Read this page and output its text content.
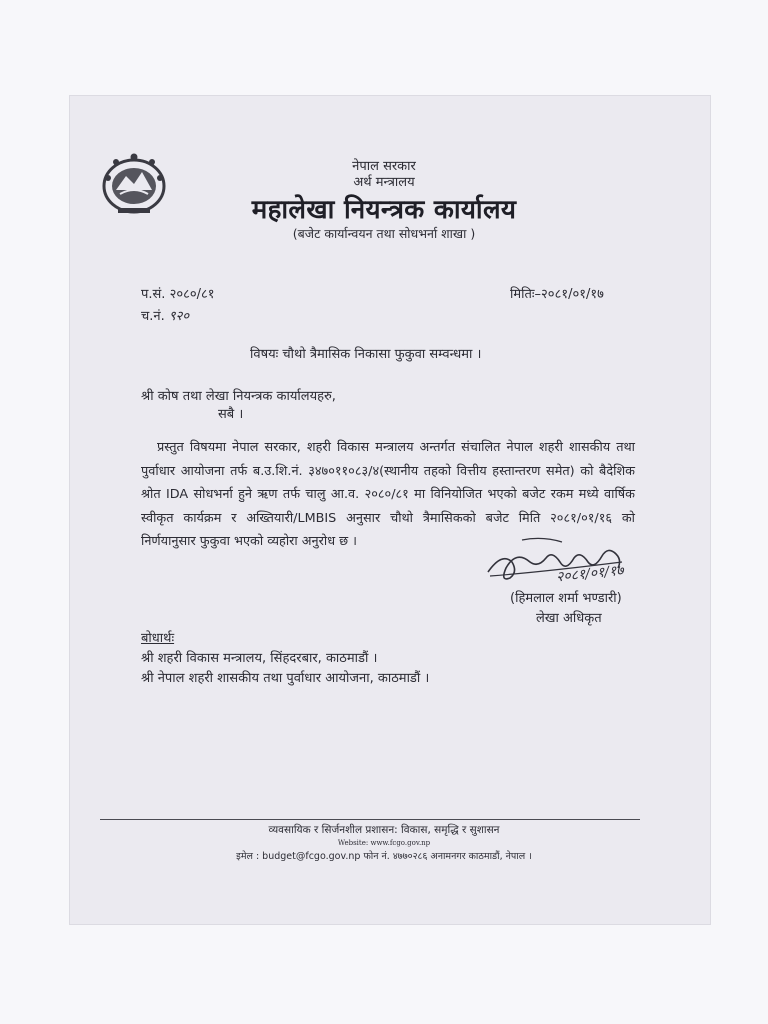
नेपाल सरकार
अर्थ मन्त्रालय
महालेखा नियन्त्रक कार्यालय
(बजेट कार्यान्वयन तथा सोधभर्ना शाखा )
प.सं. २०८०/८१
च.नं. ९२०
मितिः–२०८१/०१/१७
विषयः चौथो त्रैमासिक निकासा फुकुवा सम्वन्धमा ।
श्री कोष तथा लेखा नियन्त्रक कार्यालयहरु,
सबै ।
प्रस्तुत विषयमा नेपाल सरकार, शहरी विकास मन्त्रालय अन्तर्गत संचालित नेपाल शहरी शासकीय तथा पुर्वाधार आयोजना तर्फ ब.उ.शि.नं. ३४७०११०८३/४(स्थानीय तहको वित्तीय हस्तान्तरण समेत) को बैदेशिक श्रोत IDA सोधभर्ना हुने ऋण तर्फ चालु आ.व. २०८०/८१ मा विनियोजित भएको बजेट रकम मध्ये वार्षिक स्वीकृत कार्यक्रम र अख्तियारी/LMBIS अनुसार चौथो त्रैमासिकको बजेट मिति २०८१/०१/१६ को निर्णयानुसार फुकुवा भएको व्यहोरा अनुरोध छ ।
२०८१/०१/१७
(हिमलाल शर्मा भण्डारी)
लेखा अधिकृत
बोधार्थः
श्री शहरी विकास मन्त्रालय, सिंहदरबार, काठमाडौं ।
श्री नेपाल शहरी शासकीय तथा पुर्वाधार आयोजना, काठमाडौं ।
व्यवसायिक र सिर्जनशील प्रशासन: विकास, समृद्धि र सुशासन
Website: www.fcgo.gov.np
इमेल : budget@fcgo.gov.np फोन नं. ४७७०२८६ अनामनगर काठमाडौं, नेपाल ।
